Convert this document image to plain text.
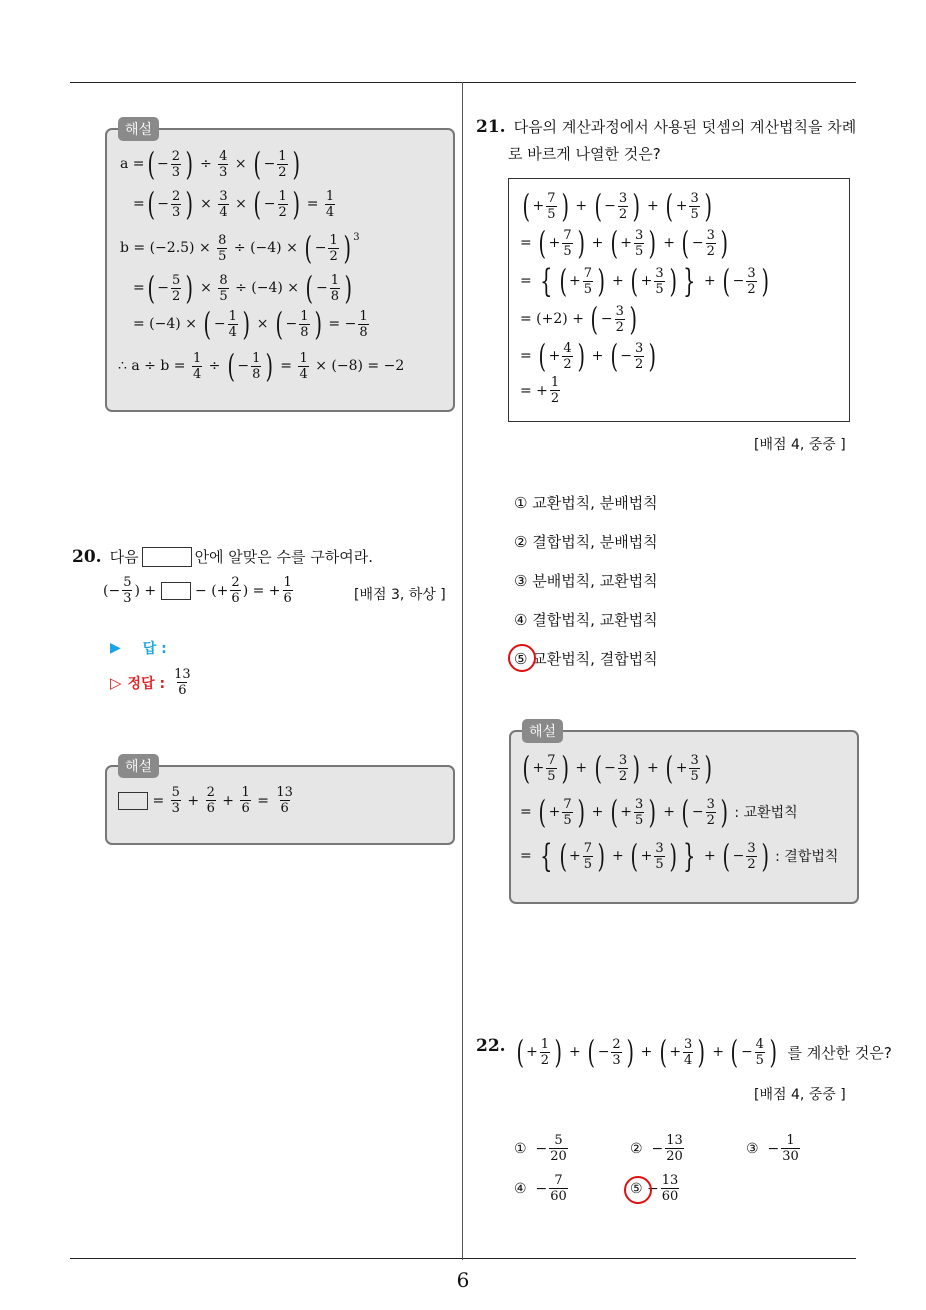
해설
a = ( − $\frac{2}{3}$ ) ÷ $\frac{4}{3}$ × ( − $\frac{1}{2}$ )
= ( − $\frac{2}{3}$ ) × $\frac{3}{4}$ × ( − $\frac{1}{2}$ ) = $\frac{1}{4}$
$b = (-2.5) \times \frac{8}{5} \div (-4)$ × ( − $\frac{1}{2} )^3$
= ( − $\frac{5}{2}$ ) × $\frac{8}{5} \div (-4)$ × ( − $\frac{1}{8}$ )
= (−4) × ( − $\frac{1}{4}$ ) × ( − $\frac{1}{8}$ ) = − $\frac{1}{8}$
∴ a ÷ b =
$\frac{1}{4}$ ÷ ( − $\frac{1}{8}$ ) = $\frac{1}{4} \times (-8) = -2$
20. 다음	안에 알맞은 수를 구하여라.
(− $\frac{5}{3}$ ) + − (+ $\frac{2}{6}$ ) = + $\frac{1}{6}$	[배점 3, 하상 ]
▶ 답 :
▷ 정답 : $\frac{13}{6}$
해설
= $\frac{5}{3} + \frac{2}{6} + \frac{1}{6} = \frac{13}{6}$
21. 다음의 계산과정에서 사용된 덧셈의 계산법칙을 차례
로 바르게 나열한 것은?
( + $\frac{7}{5}$ ) + ( − $\frac{3}{2}$ ) + ( + $\frac{3}{5}$ )
= ( + $\frac{7}{5}$ ) + ( + $\frac{3}{5}$ ) + ( − $\frac{3}{2}$ )
= { ( + $\frac{7}{5}$ ) + ( + $\frac{3}{5}$ ) } + ( − $\frac{3}{2}$ )
= (+2) +
( − $\frac{3}{2}$ )
= ( + $\frac{4}{2}$ ) + ( − $\frac{3}{2}$ )
= + $\frac{1}{2}$
[배점 4, 중중 ]
① 교환법칙, 분배법칙
② 결합법칙, 분배법칙
③ 분배법칙, 교환법칙
④ 결합법칙, 교환법칙
⑤ 교환법칙, 결합법칙
해설
( + $\frac{7}{5}$ ) + ( − $\frac{3}{2}$ ) + ( + $\frac{3}{5}$ )
= ( + $\frac{7}{5}$ ) + ( + $\frac{3}{5}$ ) + ( − $\frac{3}{2}$ ) : 교환법칙
= { ( + $\frac{7}{5}$ ) + ( + $\frac{3}{5}$ ) } + ( − $\frac{3}{2}$ ) : 결합법칙
22. ( + $\frac{1}{2}$ ) + ( − $\frac{2}{3}$ ) + ( + $\frac{3}{4}$ ) + ( − $\frac{4}{5}$ ) 를 계산한 것은?
[배점 4, 중중 ]
①
− $\frac{5}{20}$	②
− $\frac{13}{20}$	③
− $\frac{1}{30}$
④
− $\frac{7}{60}$	⑤
− $\frac{13}{60}$
6
